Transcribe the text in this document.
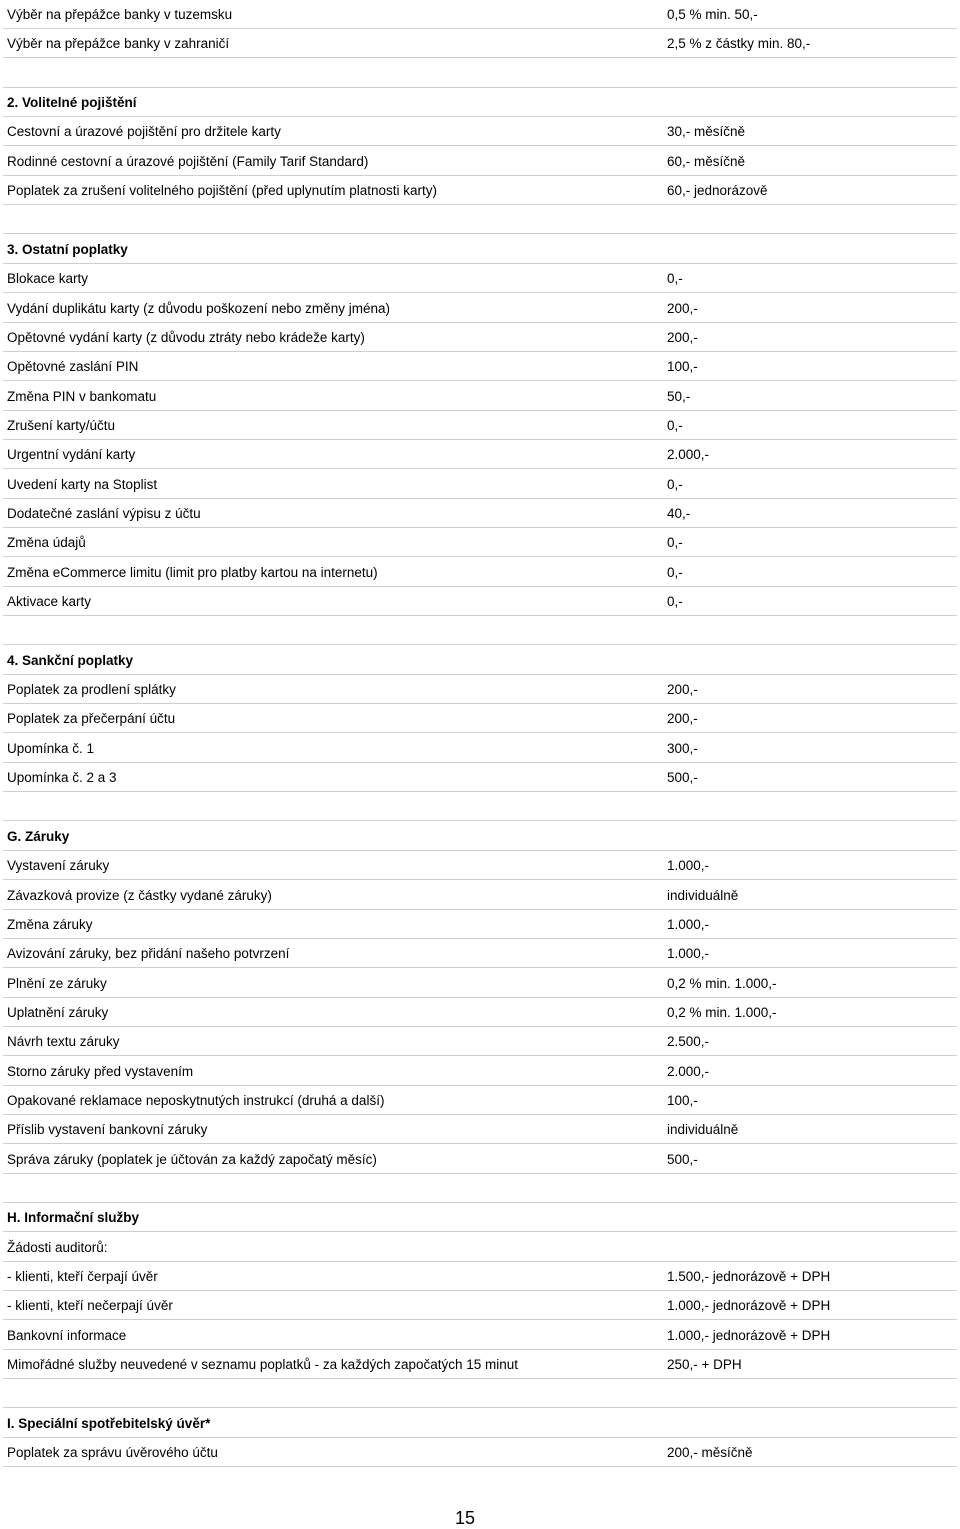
Výběr na přepážce banky v tuzemsku	0,5 % min. 50,-
Výběr na přepážce banky v zahraničí	2,5 % z částky min. 80,-
2. Volitelné pojištění
Cestovní a úrazové pojištění pro držitele karty	30,- měsíčně
Rodinné cestovní a úrazové pojištění (Family Tarif Standard)	60,- měsíčně
Poplatek za zrušení volitelného pojištění (před uplynutím platnosti karty)	60,- jednorázově
3. Ostatní poplatky
Blokace karty	0,-
Vydání duplikátu karty (z důvodu poškození nebo změny jména)	200,-
Opětovné vydání karty (z důvodu ztráty nebo krádeže karty)	200,-
Opětovné zaslání PIN	100,-
Změna PIN v bankomatu	50,-
Zrušení karty/účtu	0,-
Urgentní vydání karty	2.000,-
Uvedení karty na Stoplist	0,-
Dodatečné zaslání výpisu z účtu	40,-
Změna údajů	0,-
Změna eCommerce limitu (limit pro platby kartou na internetu)	0,-
Aktivace karty	0,-
4. Sankční poplatky
Poplatek za prodlení splátky	200,-
Poplatek za přečerpání účtu	200,-
Upomínka č. 1	300,-
Upomínka č. 2 a 3	500,-
G. Záruky
Vystavení záruky	1.000,-
Závazková provize (z částky vydané záruky)	individuálně
Změna záruky	1.000,-
Avizování záruky, bez přidání našeho potvrzení	1.000,-
Plnění ze záruky	0,2 % min. 1.000,-
Uplatnění záruky	0,2 % min. 1.000,-
Návrh textu záruky	2.500,-
Storno záruky před vystavením	2.000,-
Opakované reklamace neposkytnutých instrukcí (druhá a další)	100,-
Příslib vystavení bankovní záruky	individuálně
Správa záruky (poplatek je účtován za každý započatý měsíc)	500,-
H. Informační služby
Žádosti auditorů:
- klienti, kteří čerpají úvěr	1.500,- jednorázově + DPH
- klienti, kteří nečerpají úvěr	1.000,- jednorázově + DPH
Bankovní informace	1.000,- jednorázově + DPH
Mimořádné služby neuvedené v seznamu poplatků - za každých započatých 15 minut	250,- + DPH
I. Speciální spotřebitelský úvěr*
Poplatek za správu úvěrového účtu	200,- měsíčně
15
